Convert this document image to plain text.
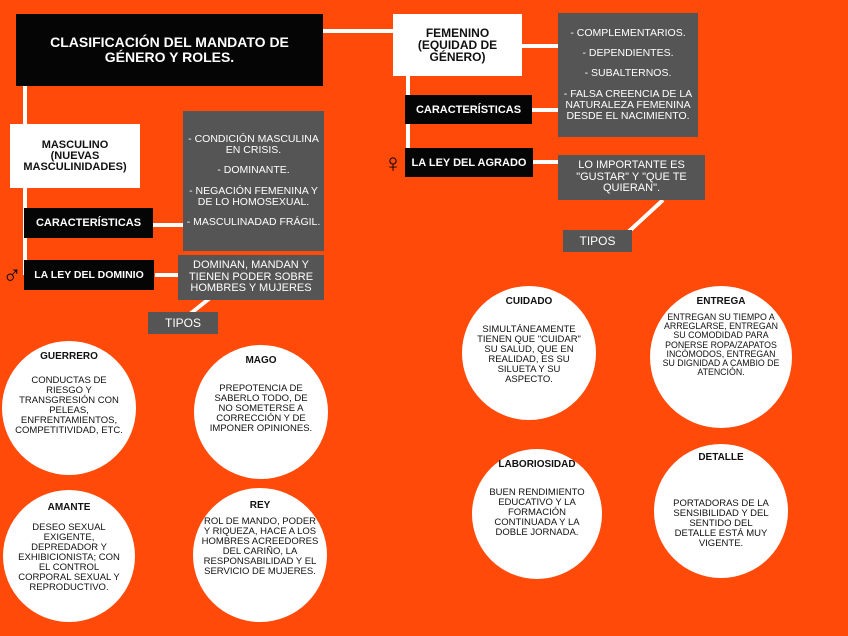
CLASIFICACIÓN DEL MANDATO DE GÉNERO Y ROLES.
FEMENINO (EQUIDAD DE GÉNERO)

- COMPLEMENTARIOS.

- DEPENDIENTES.

- SUBALTERNOS.

- FALSA CREENCIA DE LA NATURALEZA FEMENINA DESDE EL NACIMIENTO.

CARACTERÍSTICAS
♀ LA LEY DEL AGRADO	LO IMPORTANTE ES "GUSTAR" Y "QUE TE QUIERAN".
TIPOS
CUIDADO
SIMULTÁNEAMENTE TIENEN QUE "CUIDAR" SU SALUD, QUE EN REALIDAD, ES SU SILUETA Y SU ASPECTO.
ENTREGA
ENTREGAN SU TIEMPO A ARREGLARSE, ENTREGAN SU COMODIDAD PARA PONERSE ROPA/ZAPATOS INCÓMODOS, ENTREGAN SU DIGNIDAD A CAMBIO DE ATENCIÓN.
LABORIOSIDAD
BUEN RENDIMIENTO EDUCATIVO Y LA FORMACIÓN CONTINUADA Y LA DOBLE JORNADA.
DETALLE
PORTADORAS DE LA SENSIBILIDAD Y DEL SENTIDO DEL DETALLE ESTÁ MUY VIGENTE.
MASCULINO (NUEVAS MASCULINIDADES)

- CONDICIÓN MASCULINA EN CRISIS.

- DOMINANTE.

- NEGACIÓN FEMENINA Y DE LO HOMOSEXUAL.

- MASCULINADAD FRÁGIL.

CARACTERÍSTICAS
♂	LA LEY DEL DOMINIO
DOMINAN, MANDAN Y TIENEN PODER SOBRE HOMBRES Y MUJERES
TIPOS
GUERRERO
CONDUCTAS DE RIESGO Y TRANSGRESIÓN CON PELEAS, ENFRENTAMIENTOS, COMPETITIVIDAD, ETC.
MAGO
PREPOTENCIA DE SABERLO TODO, DE NO SOMETERSE A CORRECCIÓN Y DE IMPONER OPINIONES.
AMANTE
DESEO SEXUAL EXIGENTE, DEPREDADOR Y EXHIBICIONISTA; CON EL CONTROL CORPORAL SEXUAL Y REPRODUCTIVO.
REY
ROL DE MANDO, PODER Y RIQUEZA, HACE A LOS HOMBRES ACREEDORES DEL CARIÑO, LA RESPONSABILIDAD Y EL SERVICIO DE MUJERES.
